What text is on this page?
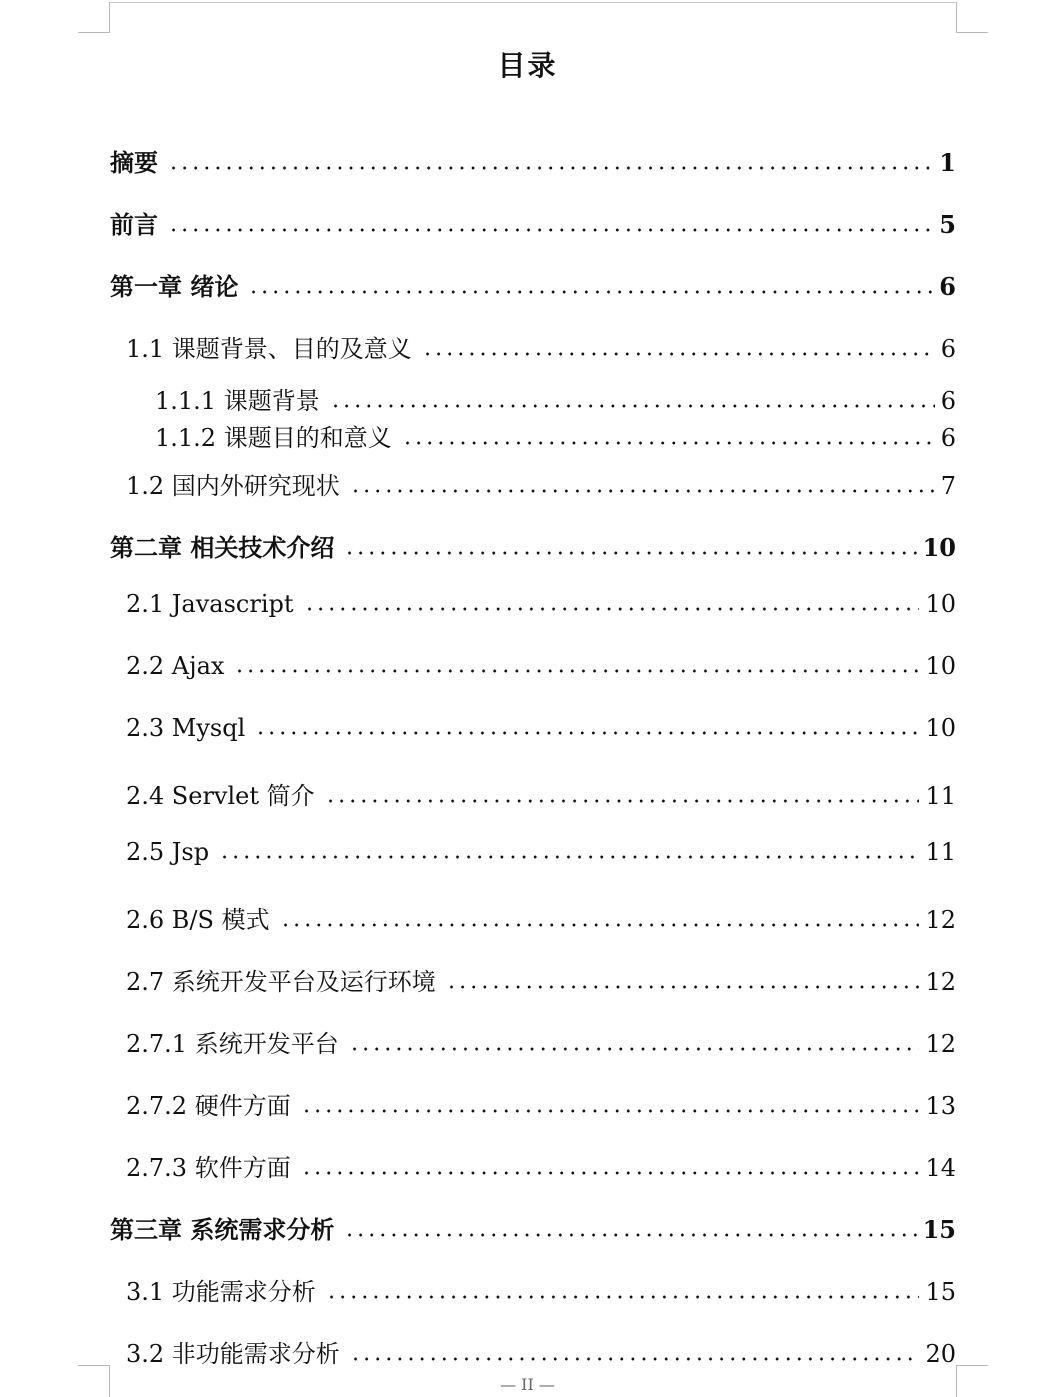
目录
摘要	1
前言	5
第一章 绪论	6
1.1 课题背景、目的及意义	6
1.1.1 课题背景	6
1.1.2 课题目的和意义	6
1.2 国内外研究现状	7
第二章 相关技术介绍	10
2.1 Javascript	10
2.2 Ajax	10
2.3 Mysql	10
2.4 Servlet 简介	11
2.5 Jsp	11
2.6 B/S 模式	12
2.7 系统开发平台及运行环境	12
2.7.1 系统开发平台	12
2.7.2 硬件方面	13
2.7.3 软件方面	14
第三章 系统需求分析	15
3.1 功能需求分析	15
3.2 非功能需求分析	20
— II —
